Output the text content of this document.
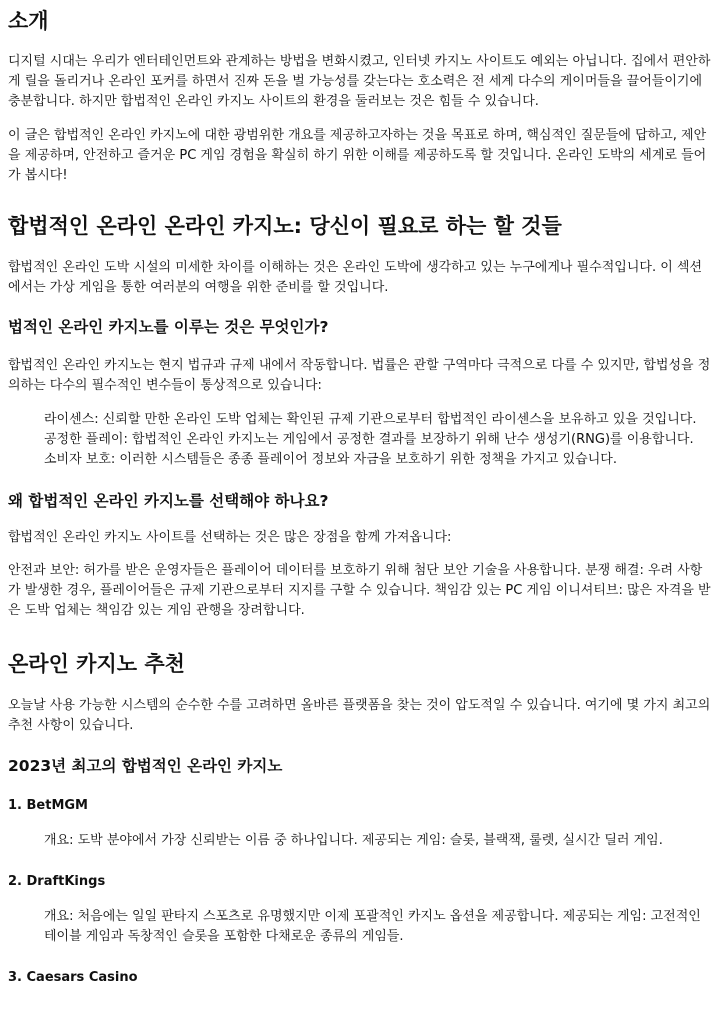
소개

디지털 시대는 우리가 엔터테인먼트와 관계하는 방법을 변화시켰고, 인터넷 카지노 사이트도 예외는 아닙니다. 집에서 편안하게 릴을 돌리거나 온라인 포커를 하면서 진짜 돈을 벌 가능성를 갖는다는 호소력은 전 세계 다수의 게이머들을 끌어들이기에 충분합니다. 하지만 합법적인 온라인 카지노 사이트의 환경을 둘러보는 것은 힘들 수 있습니다.

이 글은 합법적인 온라인 카지노에 대한 광범위한 개요를 제공하고자하는 것을 목표로 하며, 핵심적인 질문들에 답하고, 제안을 제공하며, 안전하고 즐거운 PC 게임 경험을 확실히 하기 위한 이해를 제공하도록 할 것입니다. 온라인 도박의 세계로 들어가 봅시다!

합법적인 온라인 온라인 카지노: 당신이 필요로 하는 할 것들

합법적인 온라인 도박 시설의 미세한 차이를 이해하는 것은 온라인 도박에 생각하고 있는 누구에게나 필수적입니다. 이 섹션에서는 가상 게임을 통한 여러분의 여행을 위한 준비를 할 것입니다.

법적인 온라인 카지노를 이루는 것은 무엇인가?

합법적인 온라인 카지노는 현지 법규과 규제 내에서 작동합니다. 법률은 관할 구역마다 극적으로 다를 수 있지만, 합법성을 정의하는 다수의 필수적인 변수들이 통상적으로 있습니다:

라이센스: 신뢰할 만한 온라인 도박 업체는 확인된 규제 기관으로부터 합법적인 라이센스을 보유하고 있을 것입니다. 공정한 플레이: 합법적인 온라인 카지노는 게임에서 공정한 결과를 보장하기 위해 난수 생성기(RNG)를 이용합니다. 소비자 보호: 이러한 시스템들은 종종 플레이어 정보와 자금을 보호하기 위한 정책을 가지고 있습니다.
왜 합법적인 온라인 카지노를 선택해야 하나요?

합법적인 온라인 카지노 사이트를 선택하는 것은 많은 장점을 함께 가져옵니다:

안전과 보안: 허가를 받은 운영자들은 플레이어 데이터를 보호하기 위해 첨단 보안 기술을 사용합니다. 분쟁 해결: 우려 사항가 발생한 경우, 플레이어들은 규제 기관으로부터 지지를 구할 수 있습니다. 책임감 있는 PC 게임 이니셔티브: 많은 자격을 받은 도박 업체는 책임감 있는 게임 관행을 장려합니다.

온라인 카지노 추천

오늘날 사용 가능한 시스템의 순수한 수를 고려하면 올바른 플랫폼을 찾는 것이 압도적일 수 있습니다. 여기에 몇 가지 최고의 추천 사항이 있습니다.

2023년 최고의 합법적인 온라인 카지노
1. BetMGM
개요: 도박 분야에서 가장 신뢰받는 이름 중 하나입니다. 제공되는 게임: 슬롯, 블랙잭, 룰렛, 실시간 딜러 게임.
2. DraftKings
개요: 처음에는 일일 판타지 스포츠로 유명했지만 이제 포괄적인 카지노 옵션을 제공합니다. 제공되는 게임: 고전적인 테이블 게임과 독창적인 슬롯을 포함한 다채로운 종류의 게임들.
3. Caesars Casino
